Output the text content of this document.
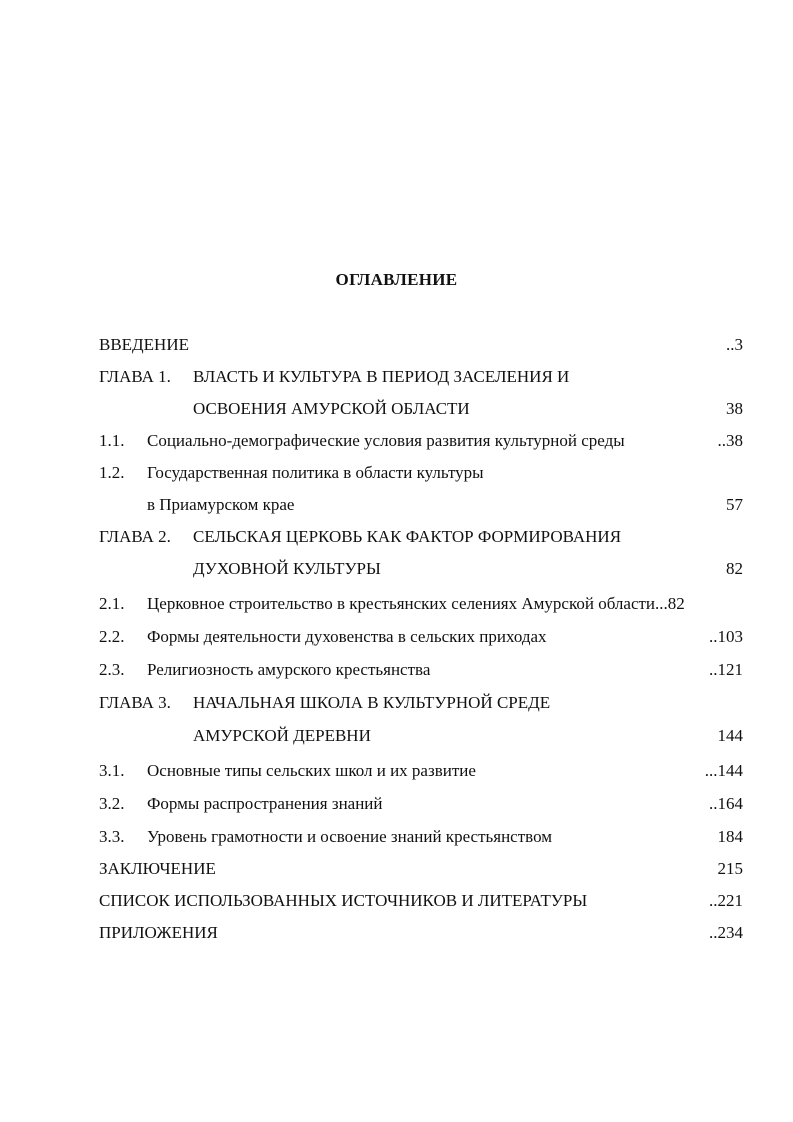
ОГЛАВЛЕНИЕ
ВВЕДЕНИЕ	..3
ГЛАВА 1.	ВЛАСТЬ И КУЛЬТУРА В ПЕРИОД ЗАСЕЛЕНИЯ И
ОСВОЕНИЯ АМУРСКОЙ ОБЛАСТИ	38
1.1.	Социально-демографические условия развития культурной среды	..38
1.2.	Государственная политика в области культуры
в Приамурском крае	57
ГЛАВА 2.	СЕЛЬСКАЯ ЦЕРКОВЬ КАК ФАКТОР ФОРМИРОВАНИЯ
ДУХОВНОЙ КУЛЬТУРЫ	82
2.1.	Церковное строительство в крестьянских селениях Амурской области ...82
2.2.	Формы деятельности духовенства в сельских приходах	..103
2.3.	Религиозность амурского крестьянства	..121
ГЛАВА 3.	НАЧАЛЬНАЯ ШКОЛА В КУЛЬТУРНОЙ СРЕДЕ
АМУРСКОЙ ДЕРЕВНИ	144
3.1.	Основные типы сельских школ и их развитие	...144
3.2.	Формы распространения знаний	..164
3.3.	Уровень грамотности и освоение знаний крестьянством	184
ЗАКЛЮЧЕНИЕ	215
СПИСОК ИСПОЛЬЗОВАННЫХ ИСТОЧНИКОВ И ЛИТЕРАТУРЫ	..221
ПРИЛОЖЕНИЯ	..234
